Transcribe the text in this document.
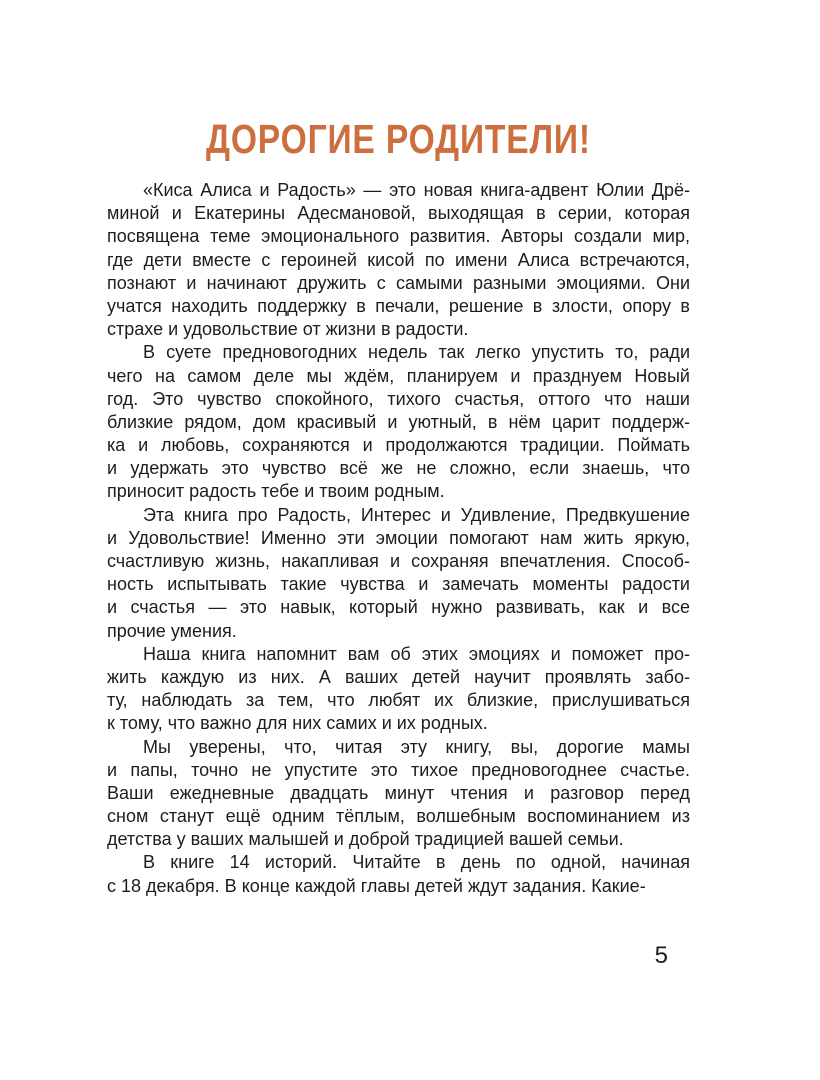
ДОРОГИЕ РОДИТЕЛИ!
«Киса Алиса и Радость» — это новая книга-адвент Юлии Дрё-
миной и Екатерины Адесмановой, выходящая в серии, которая
посвящена теме эмоционального развития. Авторы создали мир,
где дети вместе с героиней кисой по имени Алиса встречаются,
познают и начинают дружить с самыми разными эмоциями. Они
учатся находить поддержку в печали, решение в злости, опору в
страхе и удовольствие от жизни в радости.
В суете предновогодних недель так легко упустить то, ради
чего на самом деле мы ждём, планируем и празднуем Новый
год. Это чувство спокойного, тихого счастья, оттого что наши
близкие рядом, дом красивый и уютный, в нём царит поддерж-
ка и любовь, сохраняются и продолжаются традиции. Поймать
и удержать это чувство всё же не сложно, если знаешь, что
приносит радость тебе и твоим родным.
Эта книга про Радость, Интерес и Удивление, Предвкушение
и Удовольствие! Именно эти эмоции помогают нам жить яркую,
счастливую жизнь, накапливая и сохраняя впечатления. Способ-
ность испытывать такие чувства и замечать моменты радости
и счастья — это навык, который нужно развивать, как и все
прочие умения.
Наша книга напомнит вам об этих эмоциях и поможет про-
жить каждую из них. А ваших детей научит проявлять забо-
ту, наблюдать за тем, что любят их близкие, прислушиваться
к тому, что важно для них самих и их родных.
Мы уверены, что, читая эту книгу, вы, дорогие мамы
и папы, точно не упустите это тихое предновогоднее счастье.
Ваши ежедневные двадцать минут чтения и разговор перед
сном станут ещё одним тёплым, волшебным воспоминанием из
детства у ваших малышей и доброй традицией вашей семьи.
В книге 14 историй. Читайте в день по одной, начиная
с 18 декабря. В конце каждой главы детей ждут задания. Какие-
5
